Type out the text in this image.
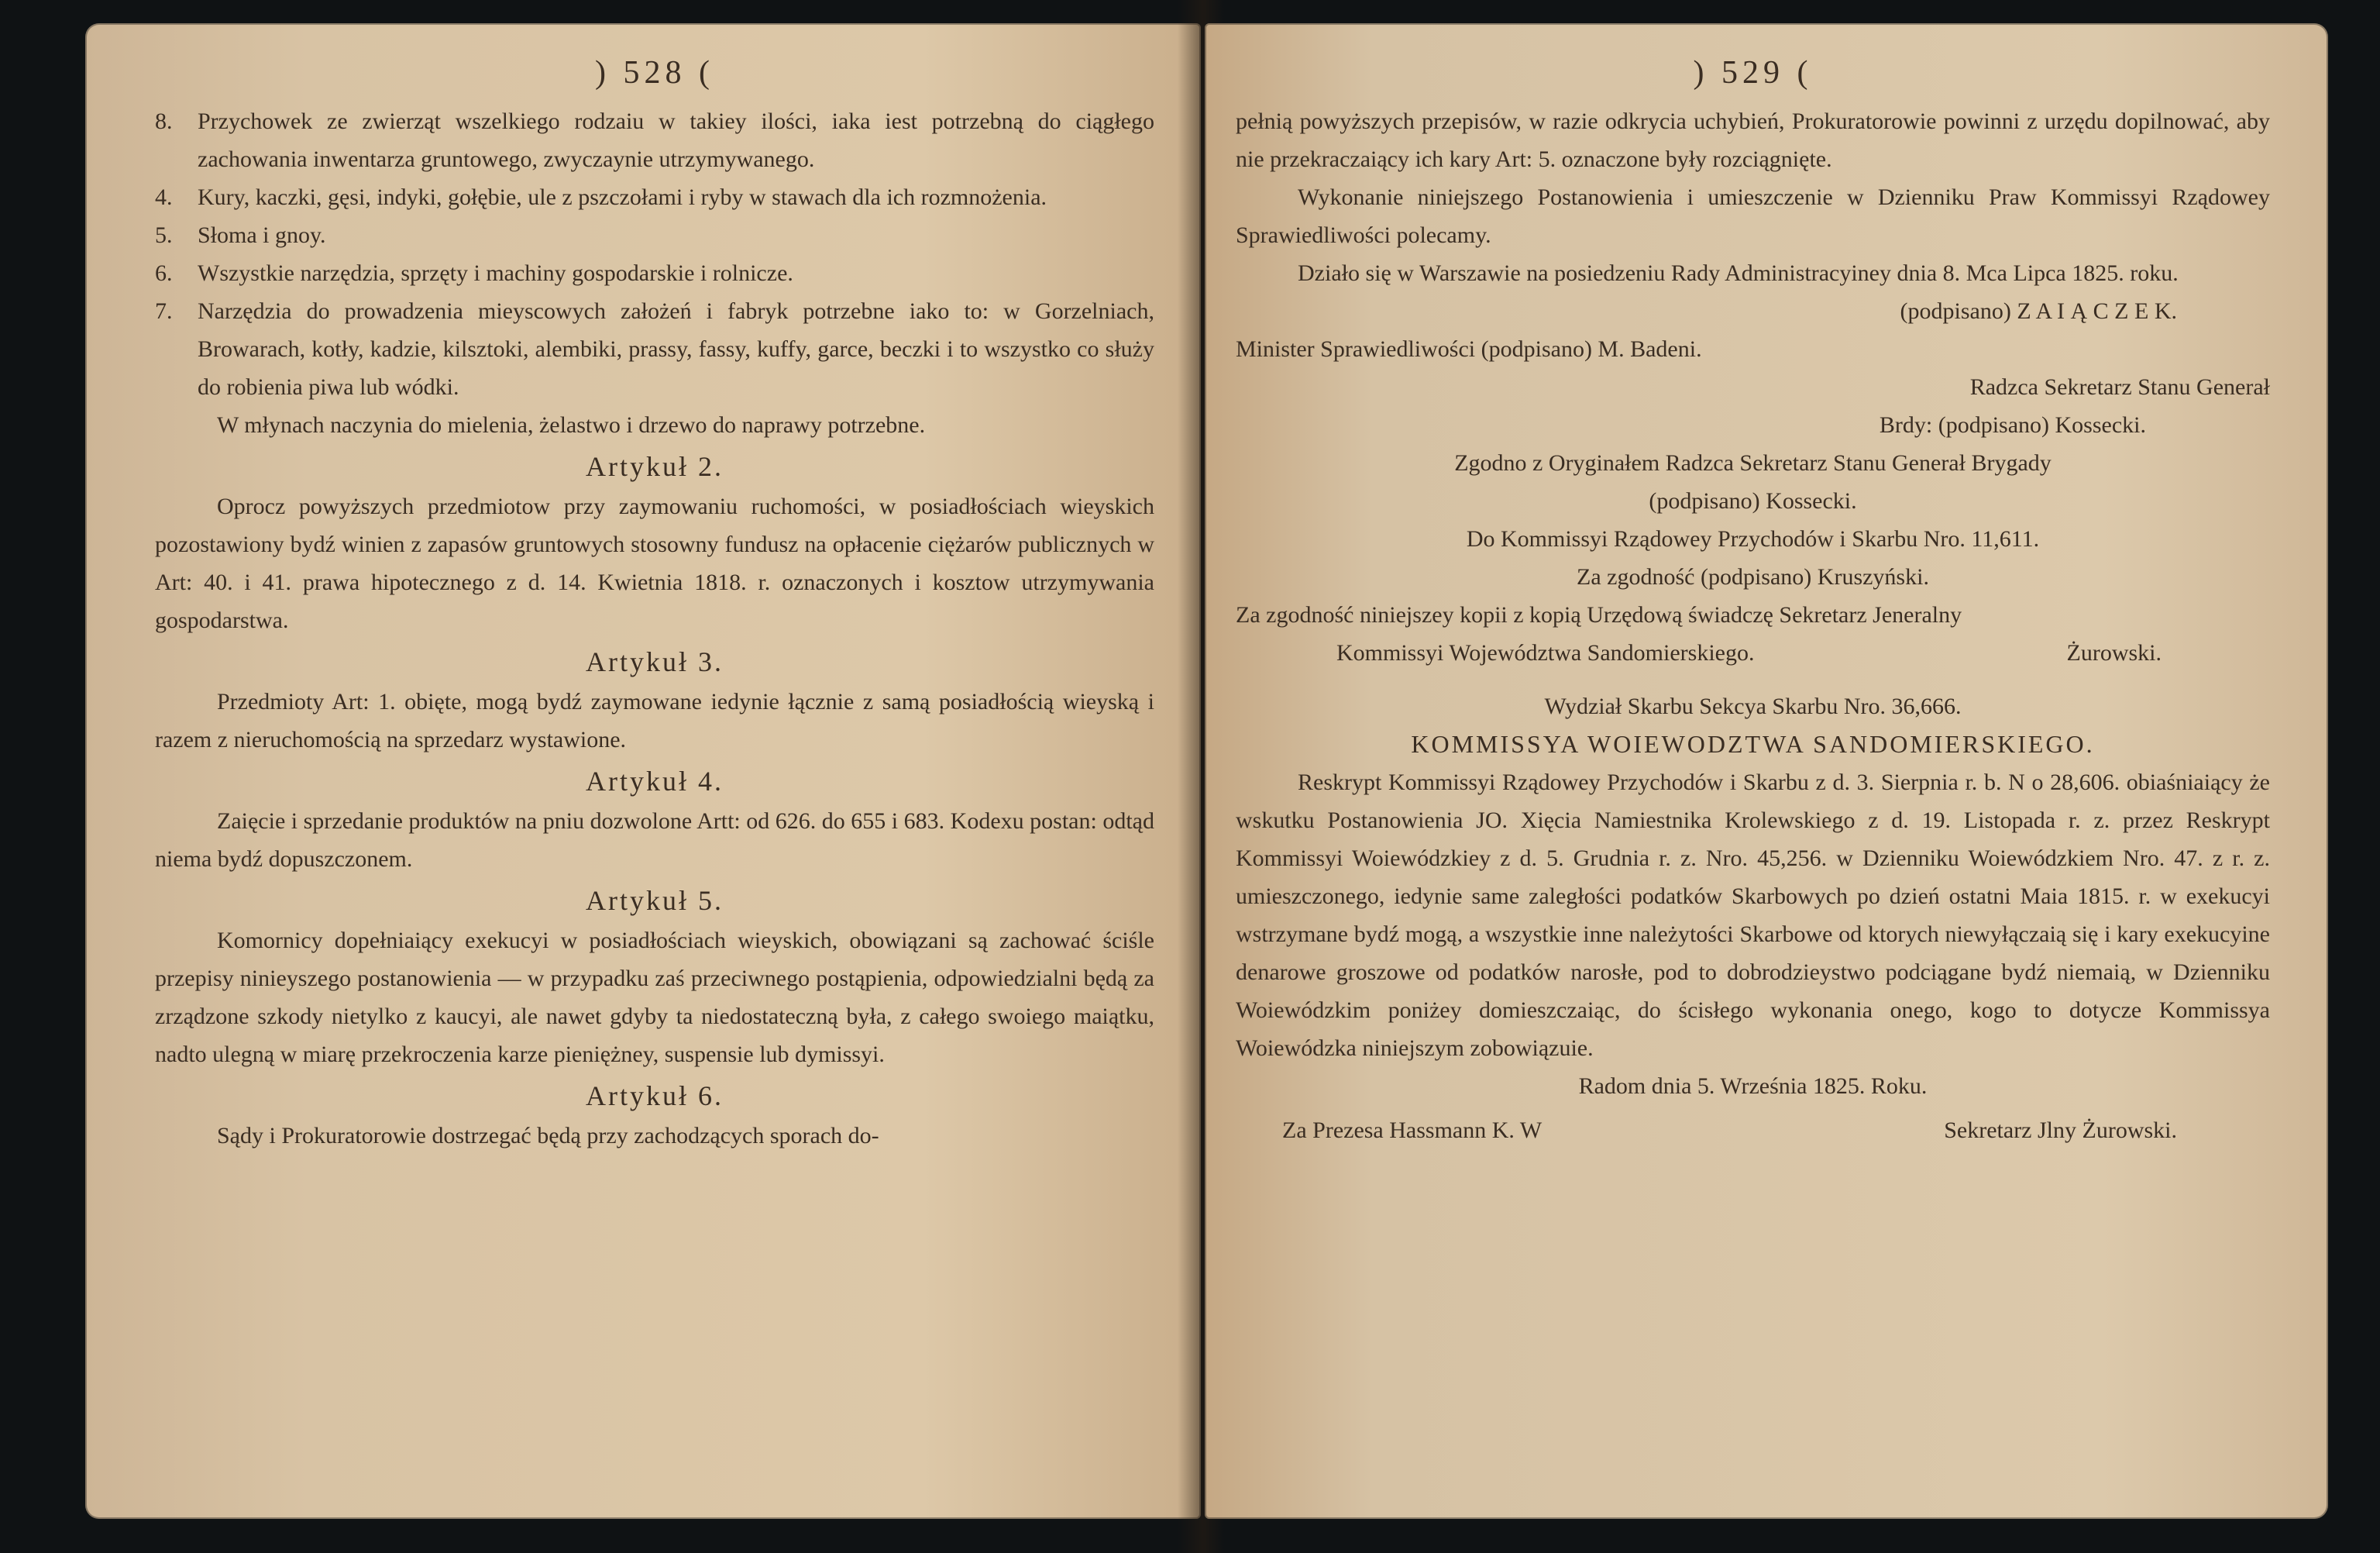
) 528 (
8.	Przychowek ze zwierząt wszelkiego rodzaiu w takiey ilości, iaka iest potrzebną do ciągłego zachowania inwentarza gruntowego, zwyczaynie utrzymywanego.
4.	Kury, kaczki, gęsi, indyki, gołębie, ule z pszczołami i ryby w stawach dla ich rozmnożenia.
5.	Słoma i gnoy.
6.	Wszystkie narzędzia, sprzęty i machiny gospodarskie i rolnicze.
7.	Narzędzia do prowadzenia mieyscowych założeń i fabryk potrzebne iako to: w Gorzelniach, Browarach, kotły, kadzie, kilsztoki, alembiki, prassy, fassy, kuffy, garce, beczki i to wszystko co służy do robienia piwa lub wódki.

W młynach naczynia do mielenia, żelastwo i drzewo do naprawy potrzebne.

Artykuł 2.

Oprocz powyższych przedmiotow przy zaymowaniu ruchomości, w posiadłościach wieyskich pozostawiony bydź winien z zapasów gruntowych stosowny fundusz na opłacenie ciężarów publicznych w Art: 40. i 41. prawa hipotecznego z d. 14. Kwietnia 1818. r. oznaczonych i kosztow utrzymywania gospodarstwa.

Artykuł 3.

Przedmioty Art: 1. obięte, mogą bydź zaymowane iedynie łącznie z samą posiadłością wieyską i razem z nieruchomością na sprzedarz wystawione.

Artykuł 4.

Zaięcie i sprzedanie produktów na pniu dozwolone Artt: od 626. do 655 i 683. Kodexu postan: odtąd niema bydź dopuszczonem.

Artykuł 5.

Komornicy dopełniaiący exekucyi w posiadłościach wieyskich, obowiązani są zachować ściśle przepisy ninieyszego postanowienia — w przypadku zaś przeciwnego postąpienia, odpowiedzialni będą za zrządzone szkody nietylko z kaucyi, ale nawet gdyby ta niedostateczną była, z całego swoiego maiątku, nadto ulegną w miarę przekroczenia karze pieniężney, suspensie lub dymissyi.

Artykuł 6.

Sądy i Prokuratorowie dostrzegać będą przy zachodzących sporach do-

) 529 (

pełnią powyższych przepisów, w razie odkrycia uchybień, Prokuratorowie powinni z urzędu dopilnować, aby nie przekraczaiący ich kary Art: 5. oznaczone były rozciągnięte.

Wykonanie niniejszego Postanowienia i umieszczenie w Dzienniku Praw Kommissyi Rządowey Sprawiedliwości polecamy.

Działo się w Warszawie na posiedzeniu Rady Administracyiney dnia 8. Mca Lipca 1825. roku.

(podpisano) Z A I Ą C Z E K.

Minister Sprawiedliwości (podpisano) M. Badeni.

Radzca Sekretarz Stanu Generał

Brdy: (podpisano) Kossecki.

Zgodno z Oryginałem Radzca Sekretarz Stanu Generał Brygady

(podpisano) Kossecki.

Do Kommissyi Rządowey Przychodów i Skarbu Nro. 11,611.

Za zgodność (podpisano) Kruszyński.

Za zgodność niniejszey kopii z kopią Urzędową świadczę Sekretarz Jeneralny

Kommissyi Województwa Sandomierskiego.	Żurowski.

Wydział Skarbu Sekcya Skarbu Nro. 36,666.

KOMMISSYA WOIEWODZTWA SANDOMIERSKIEGO.

Reskrypt Kommissyi Rządowey Przychodów i Skarbu z d. 3. Sierpnia r. b. N o 28,606. obiaśniaiący że wskutku Postanowienia JO. Xięcia Namiestnika Krolewskiego z d. 19. Listopada r. z. przez Reskrypt Kommissyi Woiewódzkiey z d. 5. Grudnia r. z. Nro. 45,256. w Dzienniku Woiewódzkiem Nro. 47. z r. z. umieszczonego, iedynie same zaległości podatków Skarbowych po dzień ostatni Maia 1815. r. w exekucyi wstrzymane bydź mogą, a wszystkie inne należytości Skarbowe od ktorych niewyłączaią się i kary exekucyine denarowe groszowe od podatków narosłe, pod to dobrodzieystwo podciągane bydź niemaią, w Dzienniku Woiewódzkim poniżey domieszczaiąc, do ścisłego wykonania onego, kogo to dotycze Kommissya Woiewódzka niniejszym zobowiązuie.

Radom dnia 5. Września 1825. Roku.

Za Prezesa Hassmann K. W	Sekretarz Jlny Żurowski.
